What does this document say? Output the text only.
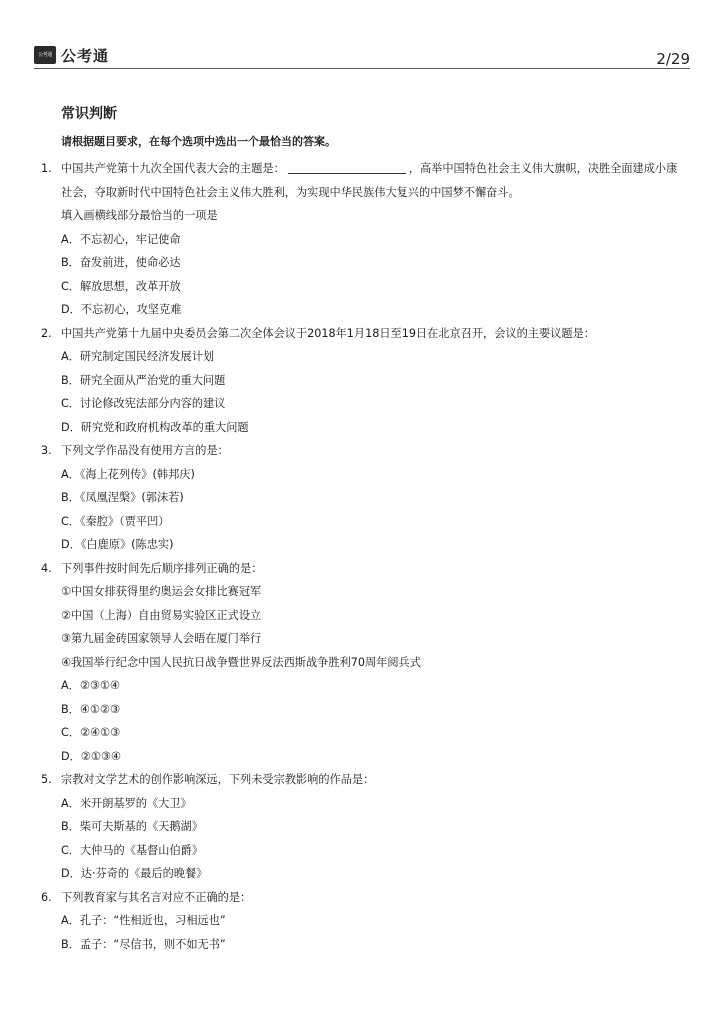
公考通 公考通	2/29
常识判断
请根据题目要求，在每个选项中选出一个最恰当的答案。
1. 中国共产党第十九次全国代表大会的主题是：	，高举中国特色社会主义伟大旗帜，决胜全面建成小康
社会，夺取新时代中国特色社会主义伟大胜利，为实现中华民族伟大复兴的中国梦不懈奋斗。
填入画横线部分最恰当的一项是
A．不忘初心，牢记使命
B．奋发前进，使命必达
C．解放思想，改革开放
D．不忘初心，攻坚克难
2. 中国共产党第十九届中央委员会第二次全体会议于2018年1月18日至19日在北京召开，会议的主要议题是：
A．研究制定国民经济发展计划
B．研究全面从严治党的重大问题
C．讨论修改宪法部分内容的建议
D．研究党和政府机构改革的重大问题
3. 下列文学作品没有使用方言的是：
A．《海上花列传》(韩邦庆)
B．《凤凰涅槃》(郭沫若)
C．《秦腔》（贾平凹）
D．《白鹿原》(陈忠实)
4. 下列事件按时间先后顺序排列正确的是：
①中国女排获得里约奥运会女排比赛冠军
②中国（上海）自由贸易实验区正式设立
③第九届金砖国家领导人会晤在厦门举行
④我国举行纪念中国人民抗日战争暨世界反法西斯战争胜利70周年阅兵式
A．②③①④
B．④①②③
C．②④①③
D．②①③④
5. 宗教对文学艺术的创作影响深远，下列未受宗教影响的作品是：
A．米开朗基罗的《大卫》
B．柴可夫斯基的《天鹅湖》
C．大仲马的《基督山伯爵》
D．达·芬奇的《最后的晚餐》
6. 下列教育家与其名言对应不正确的是：
A．孔子：“性相近也，习相远也”
B．孟子：“尽信书，则不如无书”
